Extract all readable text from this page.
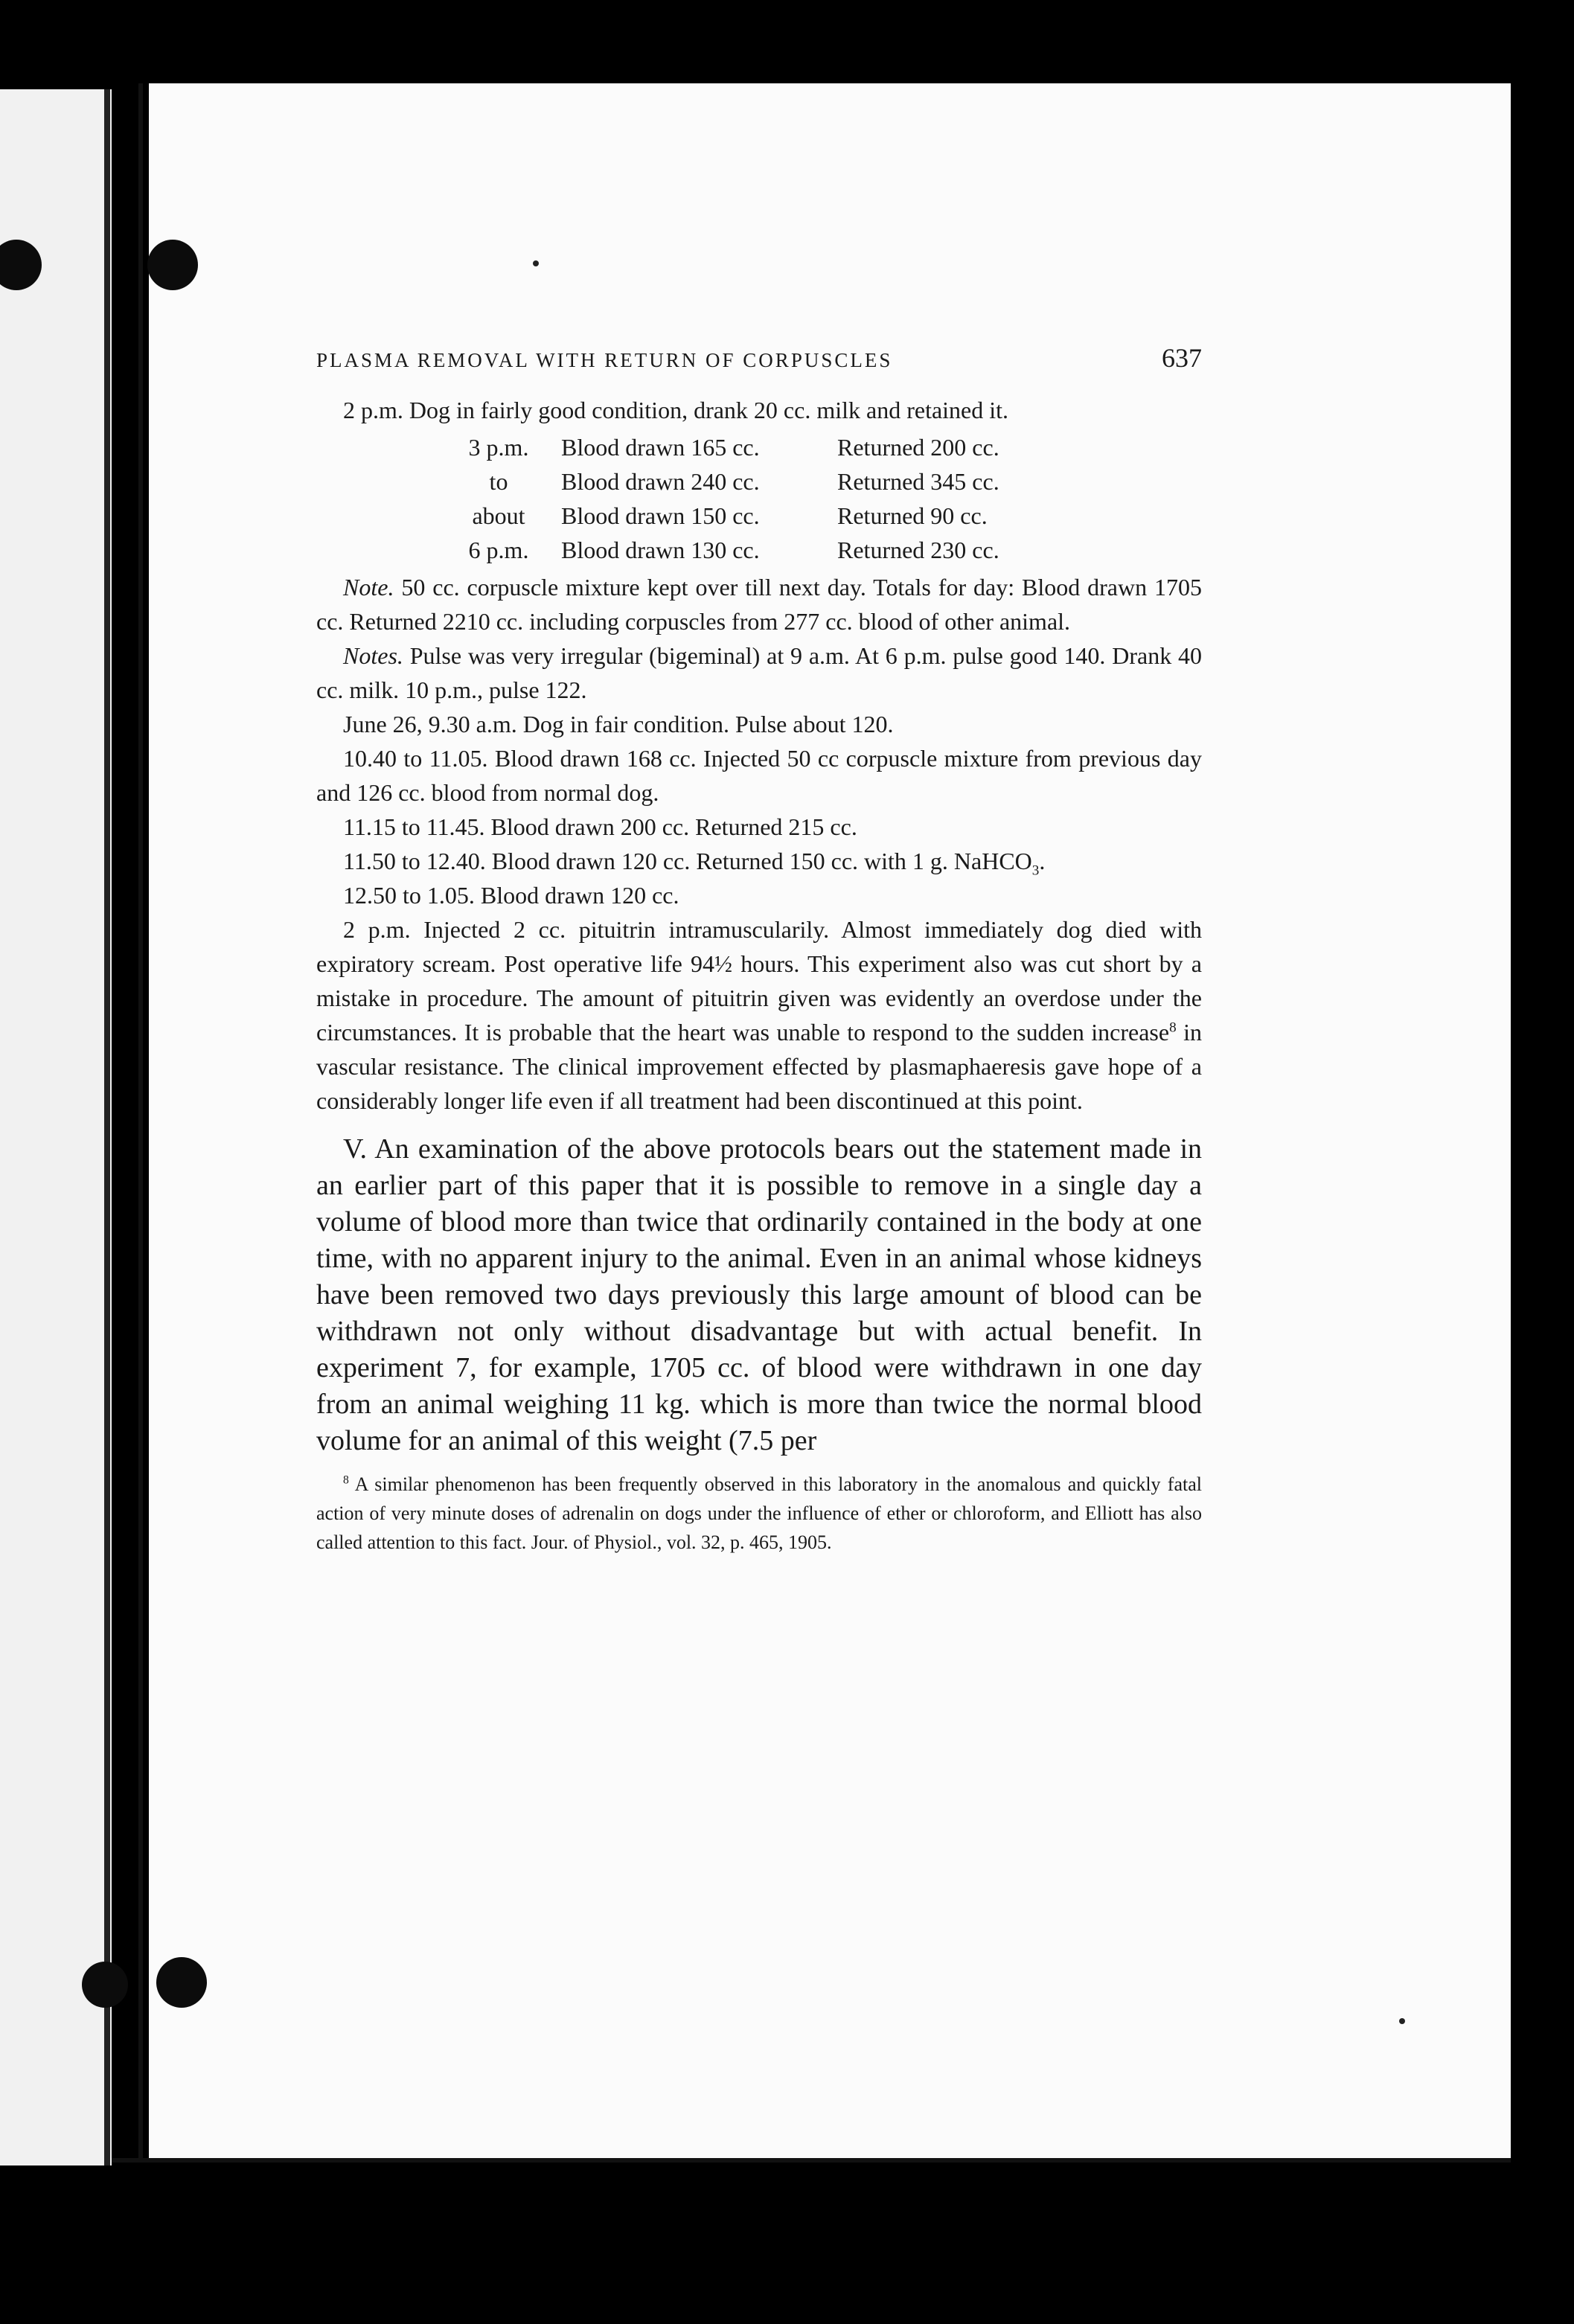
PLASMA REMOVAL WITH RETURN OF CORPUSCLES	637

2 p.m. Dog in fairly good condition, drank 20 cc. milk and retained it.

3 p.m.	Blood drawn 165 cc.	Returned 200 cc.
to	Blood drawn 240 cc.	Returned 345 cc.
about	Blood drawn 150 cc.	Returned 90 cc.
6 p.m.	Blood drawn 130 cc.	Returned 230 cc.

Note. 50 cc. corpuscle mixture kept over till next day. Totals for day: Blood drawn 1705 cc. Returned 2210 cc. including corpuscles from 277 cc. blood of other animal.

Notes. Pulse was very irregular (bigeminal) at 9 a.m. At 6 p.m. pulse good 140. Drank 40 cc. milk. 10 p.m., pulse 122.

June 26, 9.30 a.m. Dog in fair condition. Pulse about 120.

10.40 to 11.05. Blood drawn 168 cc. Injected 50 cc corpuscle mixture from previous day and 126 cc. blood from normal dog.

11.15 to 11.45. Blood drawn 200 cc. Returned 215 cc.

11.50 to 12.40. Blood drawn 120 cc. Returned 150 cc. with 1 g. NaHCO$_3$.

12.50 to 1.05. Blood drawn 120 cc.

2 p.m. Injected 2 cc. pituitrin intramuscularily. Almost immediately dog died with expiratory scream. Post operative life 94½ hours. This experiment also was cut short by a mistake in procedure. The amount of pituitrin given was evidently an overdose under the circumstances. It is probable that the heart was unable to respond to the sudden increase$^8$ in vascular resistance. The clinical improvement effected by plasmaphaeresis gave hope of a considerably longer life even if all treatment had been discontinued at this point.

V. An examination of the above protocols bears out the statement made in an earlier part of this paper that it is possible to remove in a single day a volume of blood more than twice that ordinarily contained in the body at one time, with no apparent injury to the animal. Even in an animal whose kidneys have been removed two days previously this large amount of blood can be withdrawn not only without disadvantage but with actual benefit. In experiment 7, for example, 1705 cc. of blood were withdrawn in one day from an animal weighing 11 kg. which is more than twice the normal blood volume for an animal of this weight (7.5 per

$^8$ A similar phenomenon has been frequently observed in this laboratory in the anomalous and quickly fatal action of very minute doses of adrenalin on dogs under the influence of ether or chloroform, and Elliott has also called attention to this fact. Jour. of Physiol., vol. 32, p. 465, 1905.
